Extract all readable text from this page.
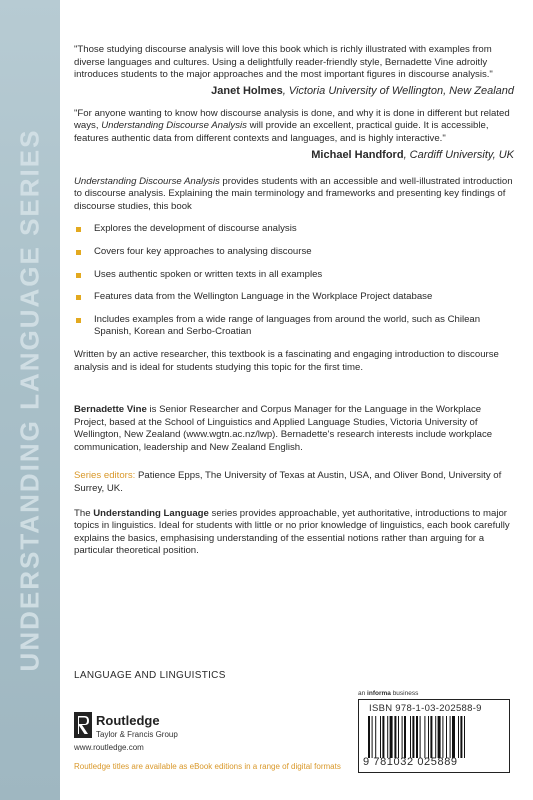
UNDERSTANDING LANGUAGE SERIES

"Those studying discourse analysis will love this book which is richly illustrated with examples from diverse languages and cultures. Using a delightfully reader-friendly style, Bernadette Vine adroitly introduces students to the major approaches and the most important figures in discourse analysis."

Janet Holmes, Victoria University of Wellington, New Zealand

"For anyone wanting to know how discourse analysis is done, and why it is done in different but related ways, Understanding Discourse Analysis will provide an excellent, practical guide. It is accessible, features authentic data from different contexts and languages, and is highly interactive."

Michael Handford, Cardiff University, UK

Understanding Discourse Analysis provides students with an accessible and well-illustrated introduction to discourse analysis. Explaining the main terminology and frameworks and presenting key findings of discourse studies, this book

Explores the development of discourse analysis
Covers four key approaches to analysing discourse
Uses authentic spoken or written texts in all examples
Features data from the Wellington Language in the Workplace Project database
Includes examples from a wide range of languages from around the world, such as Chilean Spanish, Korean and Serbo-Croatian

Written by an active researcher, this textbook is a fascinating and engaging introduction to discourse analysis and is ideal for students studying this topic for the first time.

Bernadette Vine is Senior Researcher and Corpus Manager for the Language in the Workplace Project, based at the School of Linguistics and Applied Language Studies, Victoria University of Wellington, New Zealand (www.wgtn.ac.nz/lwp). Bernadette's research interests include workplace communication, leadership and New Zealand English.

Series editors: Patience Epps, The University of Texas at Austin, USA, and Oliver Bond, University of Surrey, UK.

The Understanding Language series provides approachable, yet authoritative, introductions to major topics in linguistics. Ideal for students with little or no prior knowledge of linguistics, each book carefully explains the basics, emphasising understanding of the essential notions rather than arguing for a particular theoretical position.

LANGUAGE AND LINGUISTICS
an informa business
ISBN 978-1-03-202588-9
9 781032 025889
Routledge
Taylor & Francis Group
www.routledge.com
Routledge titles are available as eBook editions in a range of digital formats
